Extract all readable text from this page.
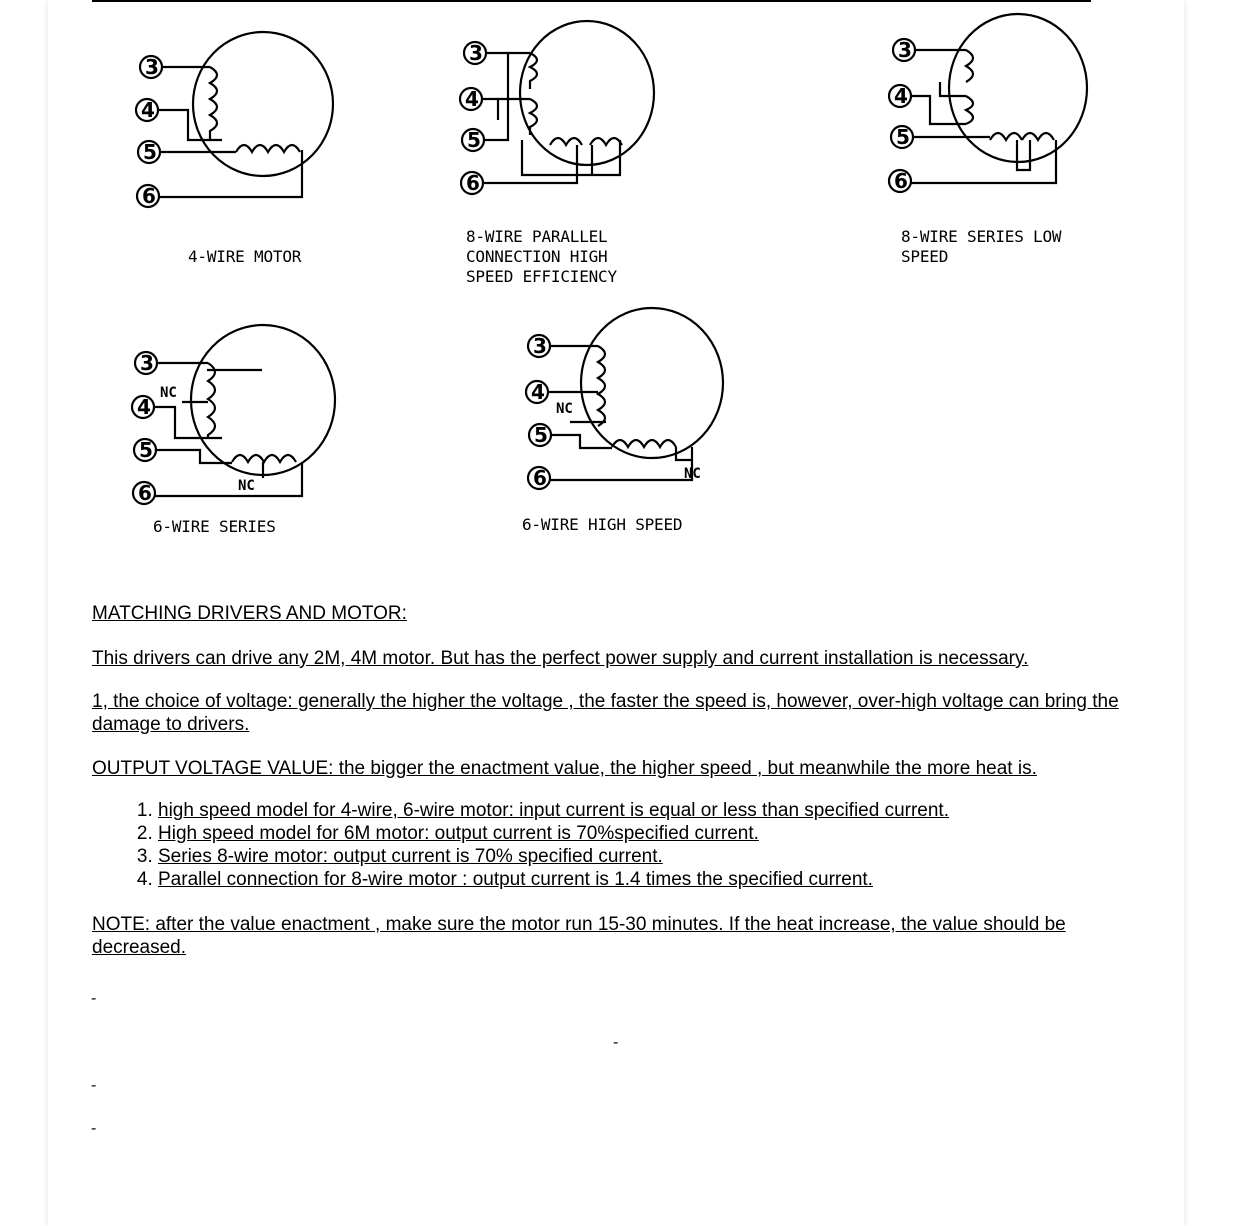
3
4
5
6
3
4
5
6
3
4
5
6
3
4
5
6
3
4
5
6
NC
NC
NC
NC
4-WIRE MOTOR
8-WIRE PARALLEL
CONNECTION HIGH
SPEED EFFICIENCY
8-WIRE SERIES LOW
SPEED
6-WIRE SERIES	6-WIRE HIGH SPEED

MATCHING DRIVERS AND MOTOR:

This drivers can drive any 2M, 4M motor. But has the perfect power supply and current installation is necessary.

1, the choice of voltage: generally the higher the voltage , the faster the speed is, however, over-high voltage can bring the damage to drivers.

OUTPUT VOLTAGE VALUE: the bigger the enactment value, the higher speed , but meanwhile the more heat is.

1. high speed model for 4-wire, 6-wire motor: input current is equal or less than specified current.
2. High speed model for 6M motor: output current is 70%specified current.
3. Series 8-wire motor: output current is 70% specified current.
4. Parallel connection for 8-wire motor : output current is 1.4 times the specified current.

NOTE: after the value enactment , make sure the motor run 15-30 minutes. If the heat increase, the value should be decreased.

-
-
-
-
